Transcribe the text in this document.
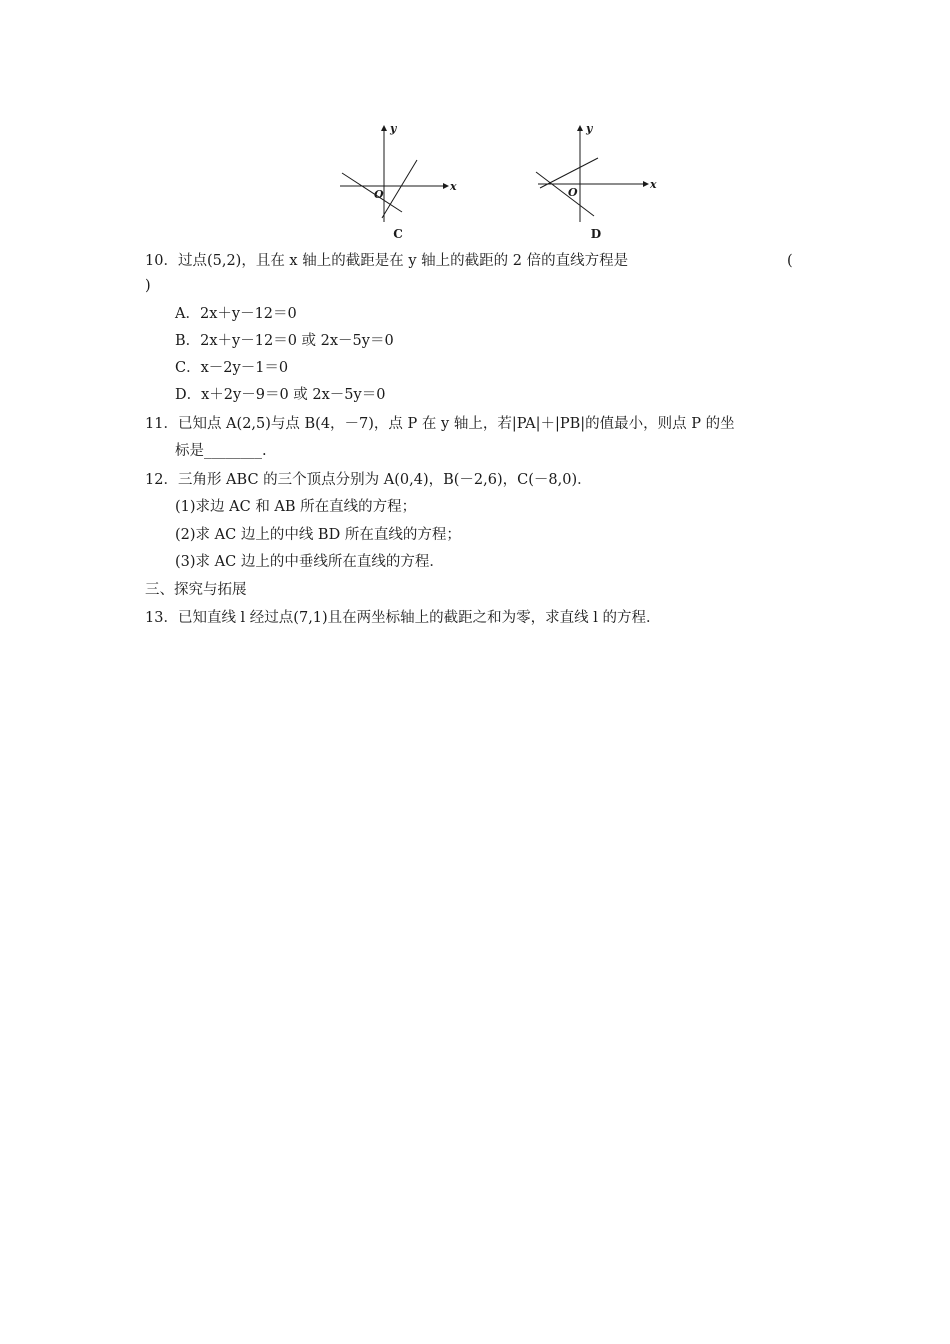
x
y
O
C
x
y
O
D
10．过点(5,2)，且在 x 轴上的截距是在 y 轴上的截距的 2 倍的直线方程是	(
)
A．2x＋y－12＝0
B．2x＋y－12＝0 或 2x－5y＝0
C．x－2y－1＝0
D．x＋2y－9＝0 或 2x－5y＝0
11．已知点 A(2,5)与点 B(4，－7)，点 P 在 y 轴上，若|PA|＋|PB|的值最小，则点 P 的坐
标是________.
12．三角形 ABC 的三个顶点分别为 A(0,4)，B(－2,6)，C(－8,0)．
(1)求边 AC 和 AB 所在直线的方程；
(2)求 AC 边上的中线 BD 所在直线的方程；
(3)求 AC 边上的中垂线所在直线的方程．
三、探究与拓展
13．已知直线 l 经过点(7,1)且在两坐标轴上的截距之和为零，求直线 l 的方程．
